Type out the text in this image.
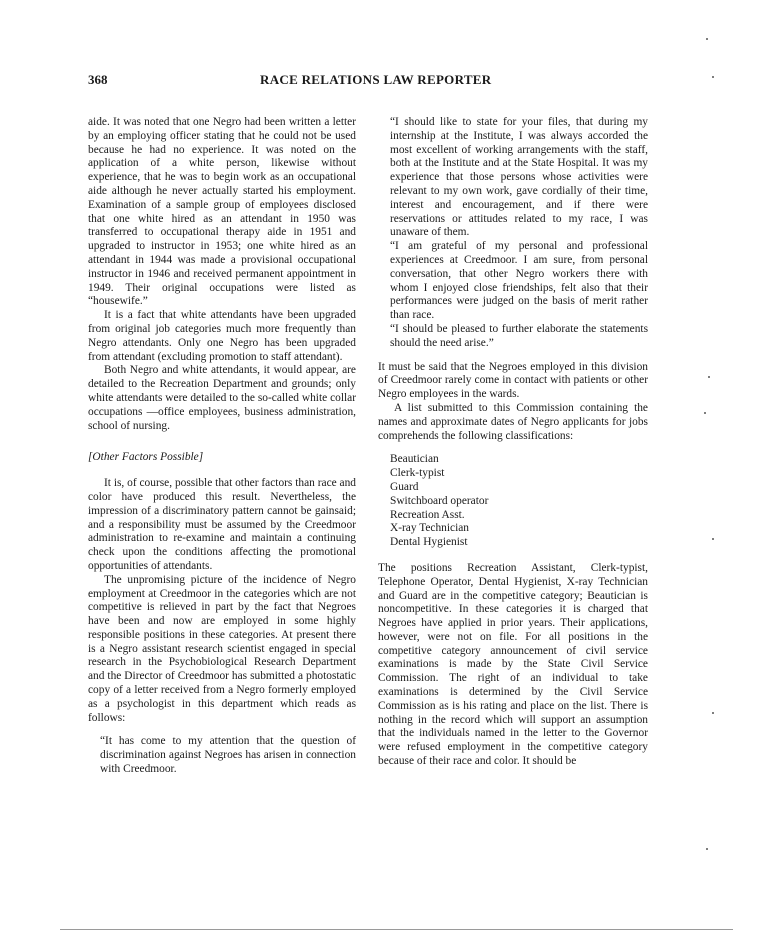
368	RACE RELATIONS LAW REPORTER

aide. It was noted that one Negro had been written a letter by an employing officer stating that he could not be used because he had no experience. It was noted on the application of a white person, likewise without experience, that he was to begin work as an occupational aide although he never actually started his employment. Examination of a sample group of employees disclosed that one white hired as an attendant in 1950 was transferred to occupational therapy aide in 1951 and upgraded to instructor in 1953; one white hired as an attendant in 1944 was made a provisional occupational instructor in 1946 and received permanent appointment in 1949. Their original occupations were listed as “housewife.”

It is a fact that white attendants have been upgraded from original job categories much more frequently than Negro attendants. Only one Negro has been upgraded from attendant (excluding promotion to staff attendant).

Both Negro and white attendants, it would appear, are detailed to the Recreation Department and grounds; only white attendants were detailed to the so-called white collar occupations —office employees, business administration, school of nursing.

[Other Factors Possible]

It is, of course, possible that other factors than race and color have produced this result. Nevertheless, the impression of a discriminatory pattern cannot be gainsaid; and a responsibility must be assumed by the Creedmoor administration to re-examine and maintain a continuing check upon the conditions affecting the promotional opportunities of attendants.

The unpromising picture of the incidence of Negro employment at Creedmoor in the categories which are not competitive is relieved in part by the fact that Negroes have been and now are employed in some highly responsible positions in these categories. At present there is a Negro assistant research scientist engaged in special research in the Psychobiological Research Department and the Director of Creedmoor has submitted a photostatic copy of a letter received from a Negro formerly employed as a psychologist in this department which reads as follows:

“It has come to my attention that the question of discrimination against Negroes has arisen in connection with Creedmoor.

“I should like to state for your files, that during my internship at the Institute, I was always accorded the most excellent of working arrangements with the staff, both at the Institute and at the State Hospital. It was my experience that those persons whose activities were relevant to my own work, gave cordially of their time, interest and encouragement, and if there were reservations or attitudes related to my race, I was unaware of them.

“I am grateful of my personal and professional experiences at Creedmoor. I am sure, from personal conversation, that other Negro workers there with whom I enjoyed close friendships, felt also that their performances were judged on the basis of merit rather than race.

“I should be pleased to further elaborate the statements should the need arise.”

It must be said that the Negroes employed in this division of Creedmoor rarely come in contact with patients or other Negro employees in the wards.

A list submitted to this Commission containing the names and approximate dates of Negro applicants for jobs comprehends the following classifications:

Beautician
Clerk-typist
Guard
Switchboard operator
Recreation Asst.
X-ray Technician
Dental Hygienist

The positions Recreation Assistant, Clerk-typist, Telephone Operator, Dental Hygienist, X-ray Technician and Guard are in the competitive category; Beautician is noncompetitive. In these categories it is charged that Negroes have applied in prior years. Their applications, however, were not on file. For all positions in the competitive category announcement of civil service examinations is made by the State Civil Service Commission. The right of an individual to take examinations is determined by the Civil Service Commission as is his rating and place on the list. There is nothing in the record which will support an assumption that the individuals named in the letter to the Governor were refused employment in the competitive category because of their race and color. It should be
